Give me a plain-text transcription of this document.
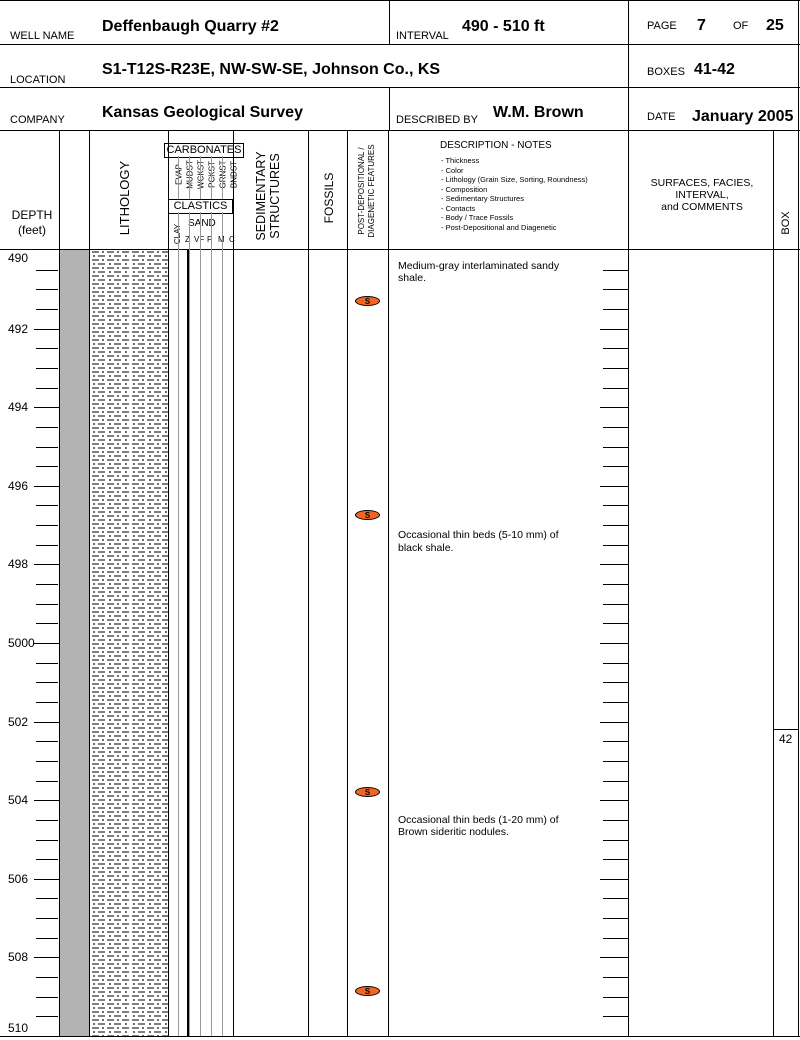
WELL NAME
Deffenbaugh Quarry #2
INTERVAL
490 - 510 ft	PAGE 7 OF 25
LOCATION
S1-T12S-R23E, NW-SW-SE, Johnson Co., KS	BOXES 41-42
COMPANY Kansas Geological Survey	DESCRIBED BY W.M. Brown	DATE January 2005
DEPTH
(feet)	LITHOLOGY
CARBONATES
EVAP MUDST WCKST PCKST GRNST BNDST
CLASTICS
CLAY
SAND
Z VF F M C SEDIMENTARY STRUCTURES	FOSSILS	POST-DEPOSITIONAL / DIAGENETIC FEATURES	DESCRIPTION - NOTES
- Thickness
- Color
- Lithology (Grain Size, Sorting, Roundness)
- Composition
- Sedimentary Structures
- Contacts
- Body / Trace Fossils
- Post-Depositional and Diagenetic
SURFACES, FACIES,
INTERVAL,
and COMMENTS
BOX
490
492
494
496
498
5000
502
504
506
508
510
S
S
S
S
Medium-gray interlaminated sandy
shale.
Occasional thin beds (5-10 mm) of
black shale.
Occasional thin beds (1-20 mm) of
Brown sideritic nodules.
42
